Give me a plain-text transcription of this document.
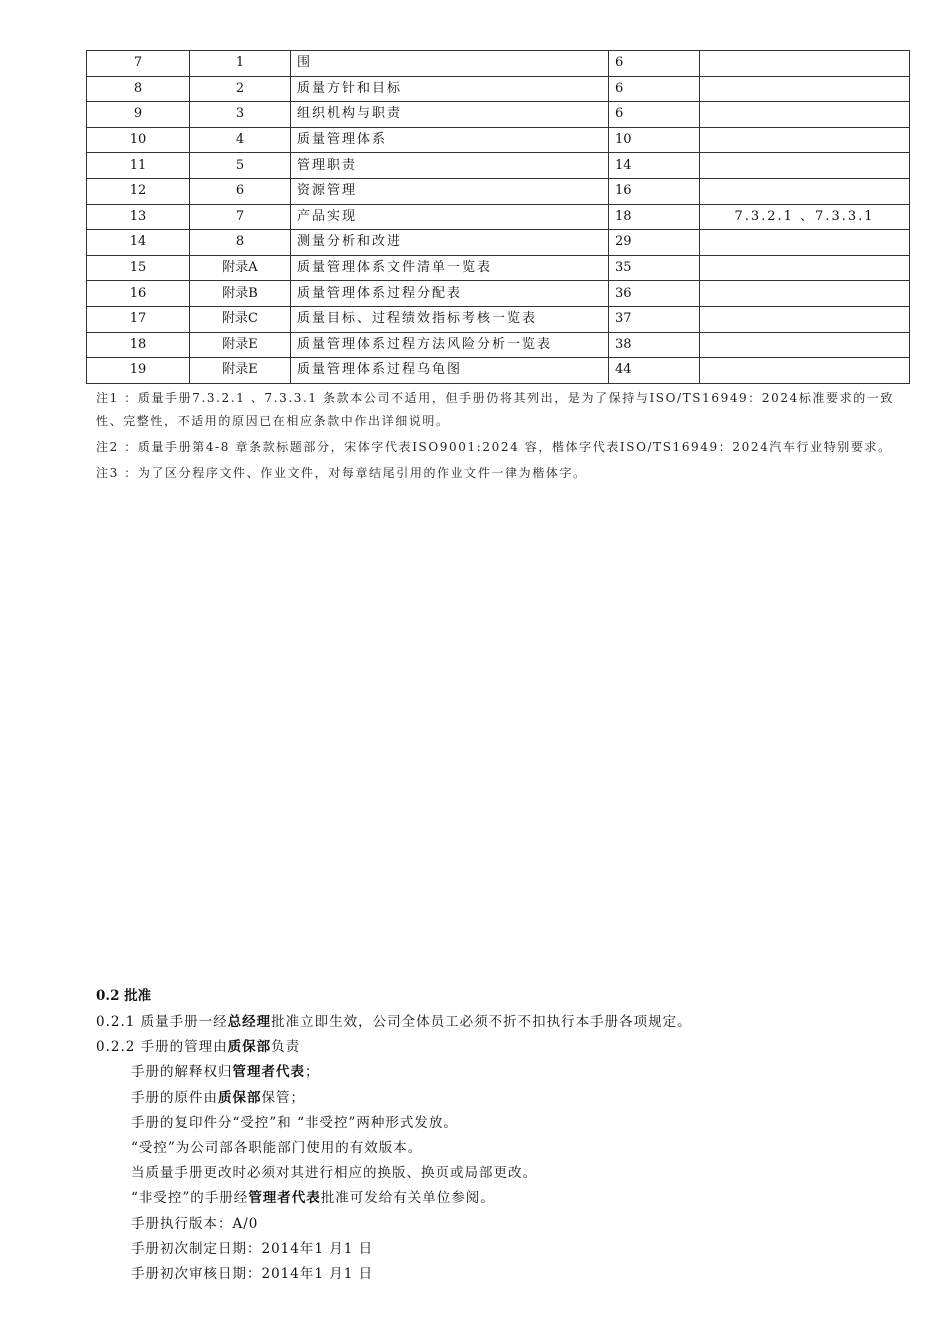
7	1	围	6	
8	2	质量方针和目标	6	
9	3	组织机构与职责	6	
10	4	质量管理体系	10	
11	5	管理职责	14	
12	6	资源管理	16	
13	7	产品实现	18	7.3.2.1 、7.3.3.1
14	8	测量分析和改进	29	
15	附录A	质量管理体系文件清单一览表	35	
16	附录B	质量管理体系过程分配表	36	
17	附录C	质量目标、过程绩效指标考核一览表	37	
18	附录E	质量管理体系过程方法风险分析一览表	38	
19	附录E	质量管理体系过程乌龟图	44	
注1 ：质量手册7.3.2.1 、7.3.3.1 条款本公司不适用，但手册仍将其列出，是为了保持与ISO/TS16949：2024标准要求的一致性、完整性，不适用的原因已在相应条款中作出详细说明。
注2 ：质量手册第4-8 章条款标题部分，宋体字代表ISO9001:2024 容，楷体字代表ISO/TS16949：2024汽车行业特别要求。
注3 ：为了区分程序文件、作业文件，对每章结尾引用的作业文件一律为楷体字。
0.2 批准
0.2.1 质量手册一经总经理批准立即生效，公司全体员工必须不折不扣执行本手册各项规定。
0.2.2 手册的管理由质保部负责
手册的解释权归管理者代表；
手册的原件由质保部保管；
手册的复印件分“受控”和 “非受控”两种形式发放。
“受控”为公司部各职能部门使用的有效版本。
当质量手册更改时必须对其进行相应的换版、换页或局部更改。
“非受控”的手册经管理者代表批准可发给有关单位参阅。
手册执行版本：A/0
手册初次制定日期：2014年1 月1 日
手册初次审核日期：2014年1 月1 日
